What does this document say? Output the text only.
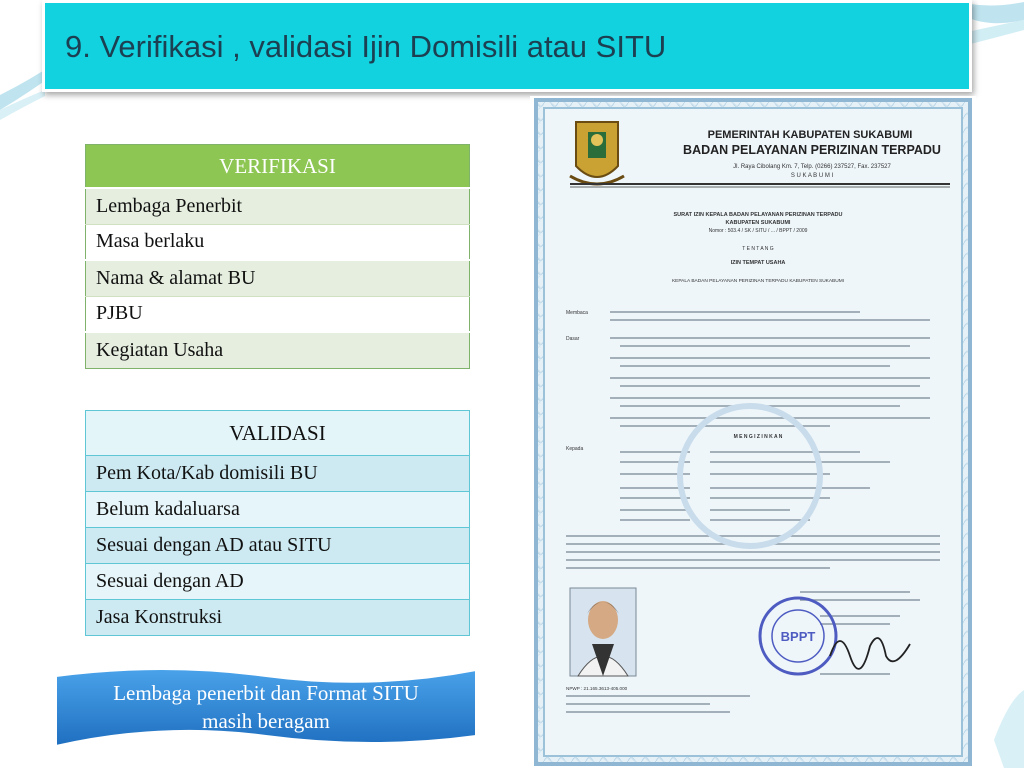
9. Verifikasi , validasi Ijin Domisili atau SITU
VERIFIKASI
Lembaga Penerbit
Masa berlaku
Nama & alamat BU
PJBU
Kegiatan Usaha
VALIDASI
Pem Kota/Kab domisili BU
Belum kadaluarsa
Sesuai dengan AD atau SITU
Sesuai dengan AD
Jasa Konstruksi
Lembaga penerbit dan Format SITU
masih beragam
PEMERINTAH KABUPATEN SUKABUMI
BADAN PELAYANAN PERIZINAN TERPADU
Jl. Raya Cibolang Km. 7, Telp. (0266) 237527, Fax. 237527
S U K A B U M I
SURAT IZIN KEPALA BADAN PELAYANAN PERIZINAN TERPADU
KABUPATEN SUKABUMI
Nomor : 503.4 / SK / SITU / ... / BPPT / 2009
T E N T A N G
IZIN TEMPAT USAHA
KEPALA BADAN PELAYANAN PERIZINAN TERPADU KABUPATEN SUKABUMI
Membaca
Dasar
M E N G I Z I N K A N
Kepada
BPPT
NPWP : 21.165.3613-405.000
